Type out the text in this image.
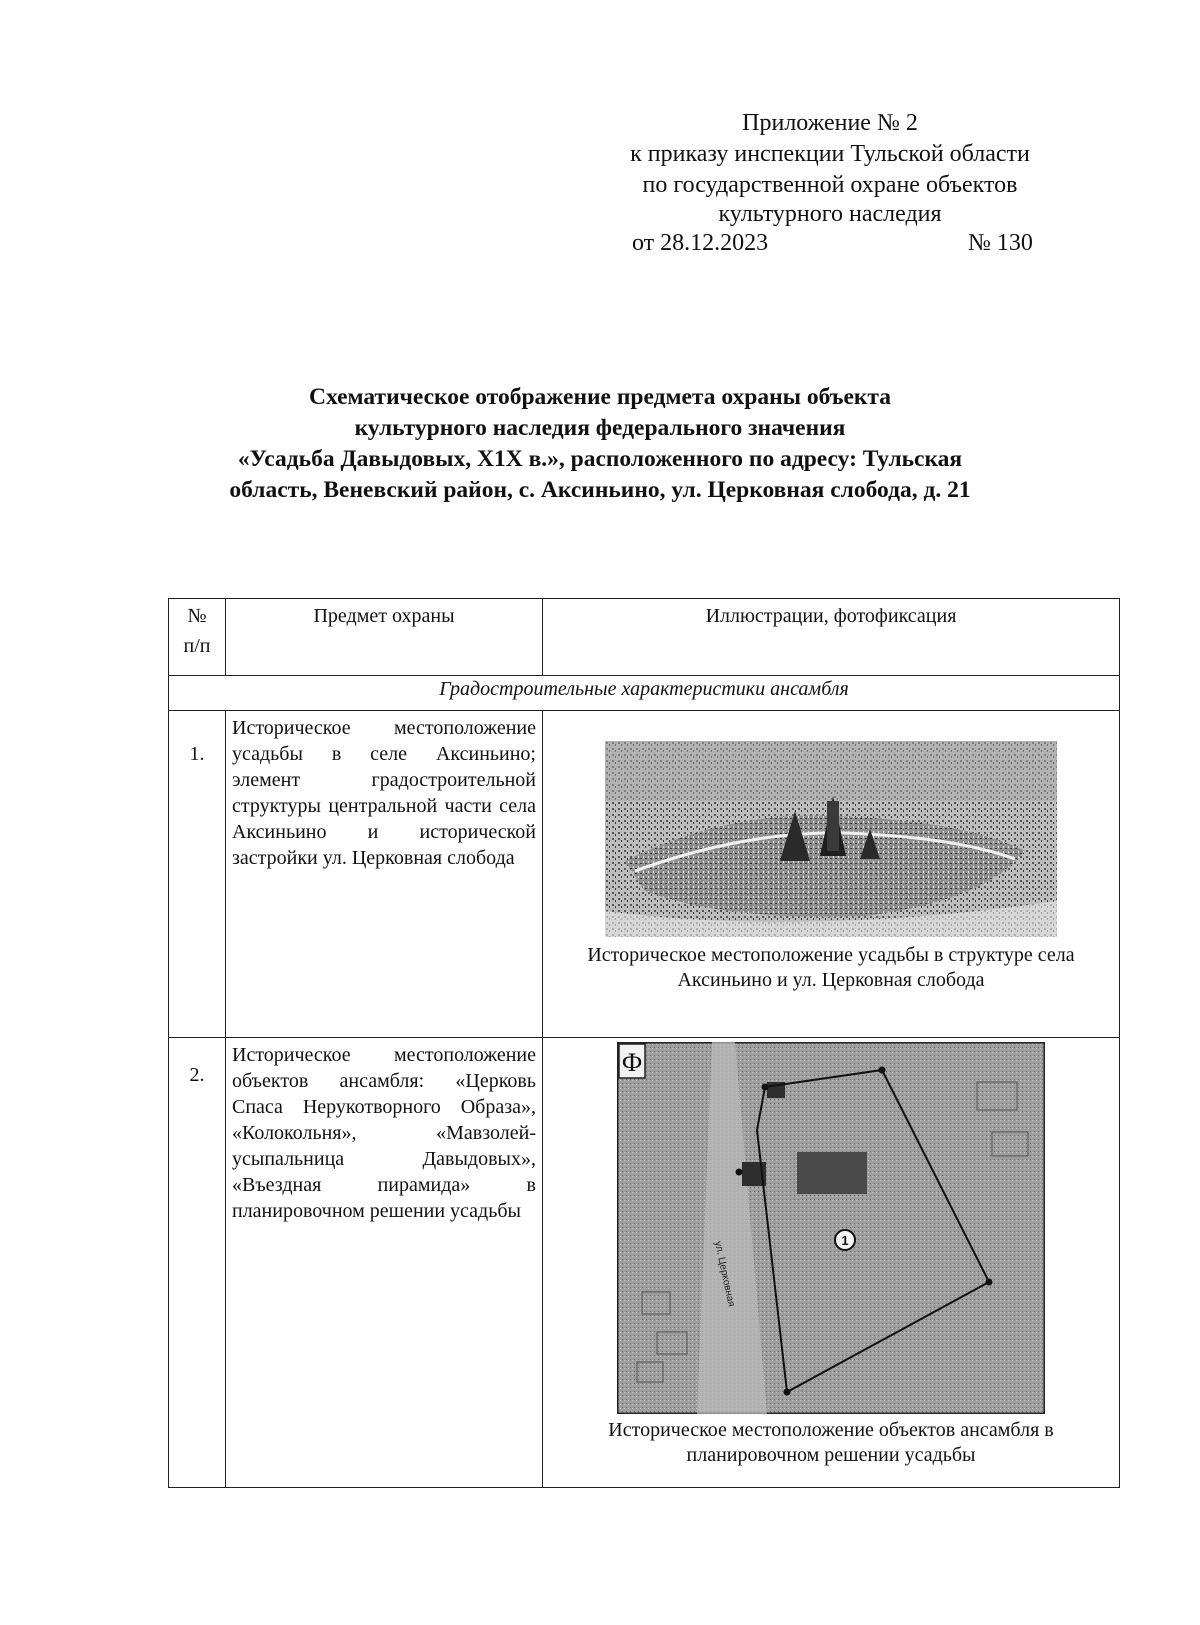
Приложение № 2
к приказу инспекции Тульской области
по государственной охране объектов
культурного наследия
от 28.12.2023	№ 130
Схематическое отображение предмета охраны объекта
культурного наследия федерального значения
«Усадьба Давыдовых, Х1Х в.», расположенного по адресу: Тульская
область, Веневский район, с. Аксиньино, ул. Церковная слобода, д. 21
№ п/п	Предмет охраны	Иллюстрации, фотофиксация
Градостроительные характеристики ансамбля		
1.	Историческое местоположение усадьбы в селе Аксиньино; элемент градостроительной структуры центральной части села Аксиньино и исторической застройки ул. Церковная слобода	Историческое местоположение усадьбы в структуре села Аксиньино и ул. Церковная слобода

2.	Историческое местоположение объектов ансамбля: «Церковь Спаса Нерукотворного Образа», «Колокольня», «Мавзолей-усыпальница Давыдовых», «Въездная пирамида» в планировочном решении усадьбы	Ф
ул. Церковная 1
Историческое местоположение объектов ансамбля в планировочном решении усадьбы
